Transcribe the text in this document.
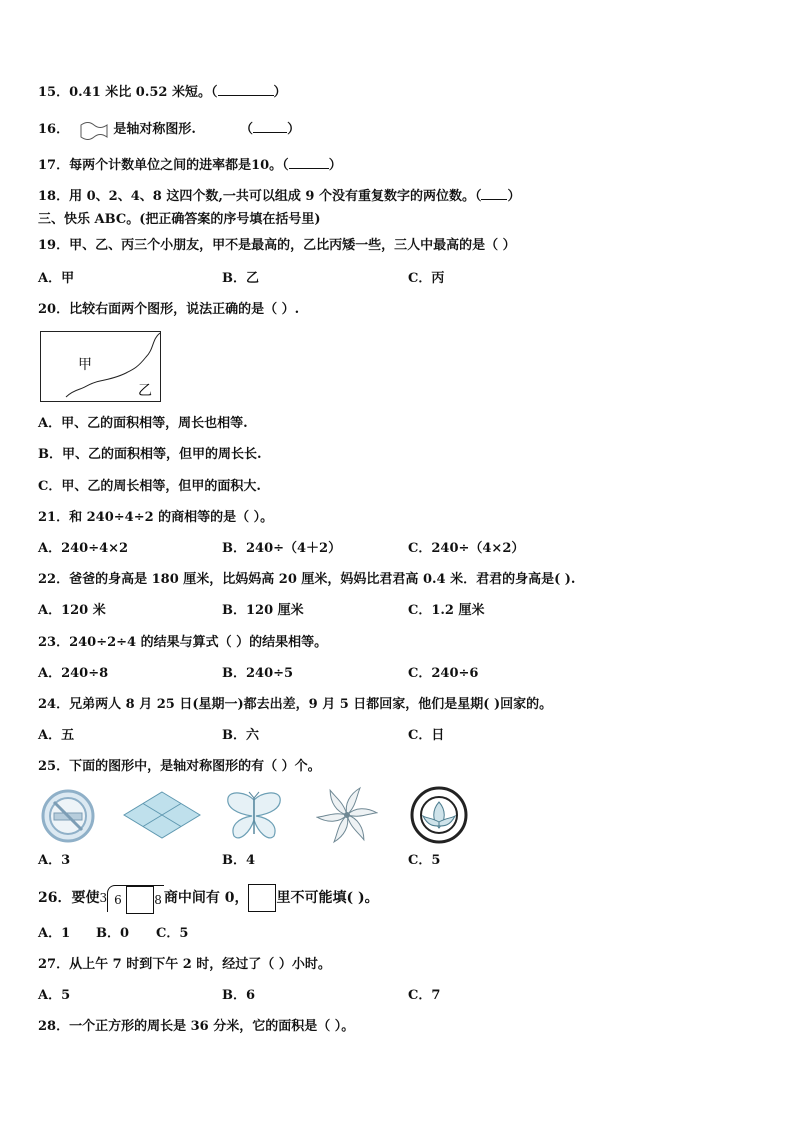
15．0.41 米比 0.52 米短。（	）
16．	是轴对称图形.	（	）
17．每两个计数单位之间的进率都是10。（	）
18．用 0、2、4、8 这四个数,一共可以组成 9 个没有重复数字的两位数。（ ）
三、快乐 ABC。(把正确答案的序号填在括号里)
19．甲、乙、丙三个小朋友，甲不是最高的，乙比丙矮一些，三人中最高的是（ ）
A．甲	B．乙	C．丙
20．比较右面两个图形，说法正确的是（ ）.
甲
乙
A．甲、乙的面积相等，周长也相等.
B．甲、乙的面积相等，但甲的周长长.
C．甲、乙的周长相等，但甲的面积大.
21．和 240÷4÷2 的商相等的是（ ）。
A．240÷4×2	B．240÷（4＋2）	C．240÷（4×2）
22．爸爸的身高是 180 厘米，比妈妈高 20 厘米，妈妈比君君高 0.4 米．君君的身高是( ).
A．120 米	B．120 厘米	C．1.2 厘米
23．240÷2÷4 的结果与算式（ ）的结果相等。
A．240÷8	B．240÷5	C．240÷6
24．兄弟两人 8 月 25 日(星期一)都去出差，9 月 5 日都回家，他们是星期( )回家的。
A．五	B．六	C．日
25．下面的图形中，是轴对称图形的有（ ）个。
A．3	B．4	C．5
26．要使3 6	8 商中间有 0， 里不可能填( )。
A．1 B．0 C．5
27．从上午 7 时到下午 2 时，经过了（ ）小时。
A．5	B．6	C．7
28．一个正方形的周长是 36 分米，它的面积是（ ）。
